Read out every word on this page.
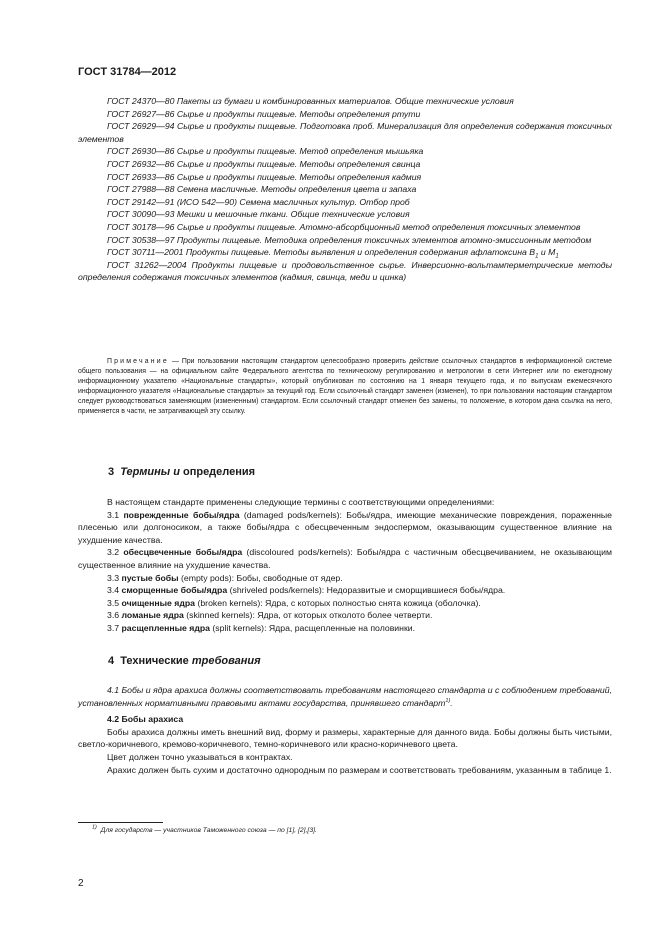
ГОСТ 31784—2012

ГОСТ 24370—80 Пакеты из бумаги и комбинированных материалов. Общие технические условия

ГОСТ 26927—86 Сырье и продукты пищевые. Методы определения ртути

ГОСТ 26929—94 Сырье и продукты пищевые. Подготовка проб. Минерализация для определения содержания токсичных элементов

ГОСТ 26930—86 Сырье и продукты пищевые. Метод определения мышьяка

ГОСТ 26932—86 Сырье и продукты пищевые. Методы определения свинца

ГОСТ 26933—86 Сырье и продукты пищевые. Методы определения кадмия

ГОСТ 27988—88 Семена масличные. Методы определения цвета и запаха

ГОСТ 29142—91 (ИСО 542—90) Семена масличных культур. Отбор проб

ГОСТ 30090—93 Мешки и мешочные ткани. Общие технические условия

ГОСТ 30178—96 Сырье и продукты пищевые. Атомно-абсорбционный метод определения токсичных элементов

ГОСТ 30538—97 Продукты пищевые. Методика определения токсичных элементов атомно-эмиссионным методом

ГОСТ 30711—2001 Продукты пищевые. Методы выявления и определения содержания афлатоксина $B_1$ и $M_1$

ГОСТ 31262—2004 Продукты пищевые и продовольственное сырье. Инверсионно-вольтамперметрические методы определения содержания токсичных элементов (кадмия, свинца, меди и цинка)

Примечание — При пользовании настоящим стандартом целесообразно проверить действие ссылочных стандартов в информационной системе общего пользования — на официальном сайте Федерального агентства по техническому регулированию и метрологии в сети Интернет или по ежегодному информационному указателю «Национальные стандарты», который опубликован по состоянию на 1 января текущего года, и по выпускам ежемесячного информационного указателя «Национальные стандарты» за текущий год. Если ссылочный стандарт заменен (изменен), то при пользовании настоящим стандартом следует руководствоваться заменяющим (измененным) стандартом. Если ссылочный стандарт отменен без замены, то положение, в котором дана ссылка на него, применяется в части, не затрагивающей эту ссылку.

3 Термины и определения

В настоящем стандарте применены следующие термины с соответствующими определениями:

3.1 поврежденные бобы/ядра (damaged pods/kernels): Бобы/ядра, имеющие механические повреждения, пораженные плесенью или долгоносиком, а также бобы/ядра с обесцвеченным эндоспермом, оказывающим существенное влияние на ухудшение качества.

3.2 обесцвеченные бобы/ядра (discoloured pods/kernels): Бобы/ядра с частичным обесцвечиванием, не оказывающим существенное влияние на ухудшение качества.

3.3 пустые бобы (empty pods): Бобы, свободные от ядер.

3.4 сморщенные бобы/ядра (shriveled pods/kernels): Недоразвитые и сморщившиеся бобы/ядра.

3.5 очищенные ядра (broken kernels): Ядра, с которых полностью снята кожица (оболочка).

3.6 ломаные ядра (skinned kernels): Ядра, от которых отколото более четверти.

3.7 расщепленные ядра (split kernels): Ядра, расщепленные на половинки.

4 Технические требования

4.1 Бобы и ядра арахиса должны соответствовать требованиям настоящего стандарта и с соблюдением требований, установленных нормативными правовыми актами государства, принявшего стандарт$^{1)}$.

4.2 Бобы арахиса

Бобы арахиса должны иметь внешний вид, форму и размеры, характерные для данного вида. Бобы должны быть чистыми, светло-коричневого, кремово-коричневого, темно-коричневого или красно-коричневого цвета.

Цвет должен точно указываться в контрактах.

Арахис должен быть сухим и достаточно однородным по размерам и соответствовать требованиям, указанным в таблице 1.

$^{1)}$ Для государств — участников Таможенного союза — по [1], [2],[3].
2
